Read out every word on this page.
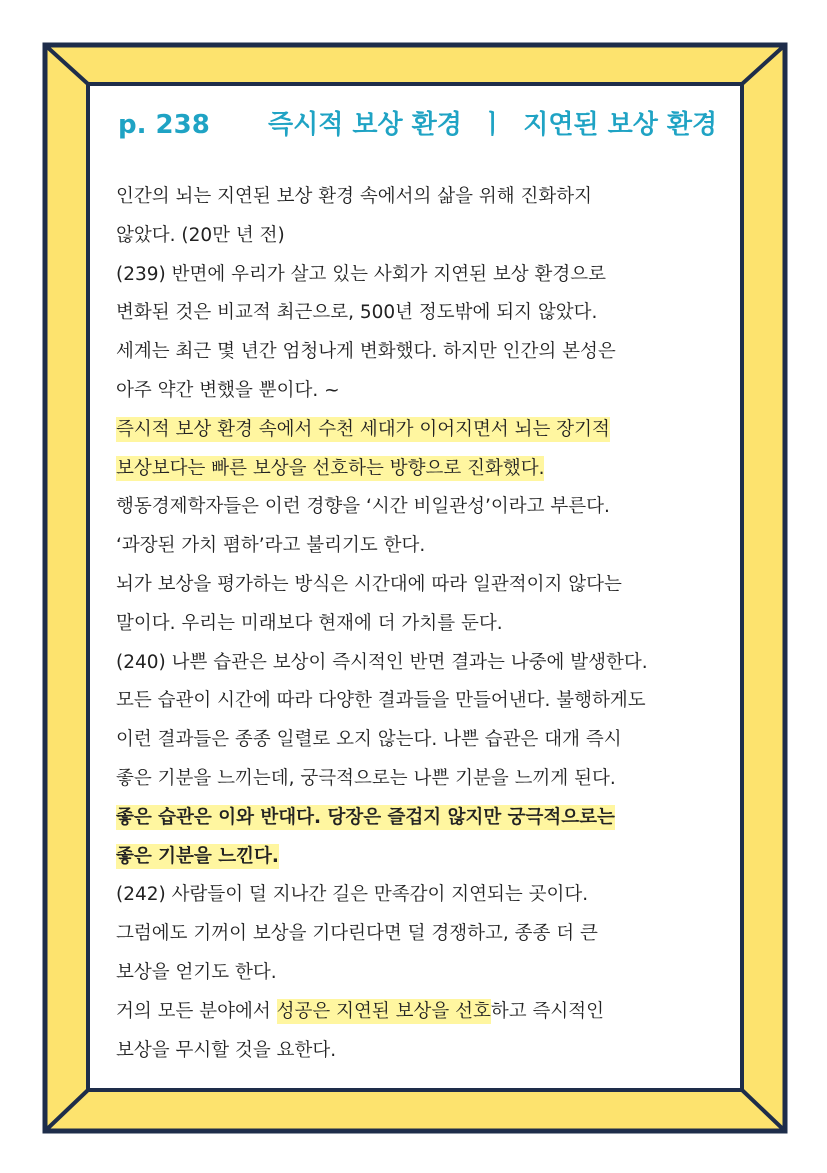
p. 238 즉시적 보상 환경  ㅣ  지연된 보상 환경
인간의 뇌는 지연된 보상 환경 속에서의 삶을 위해 진화하지
않았다. (20만 년 전)
(239) 반면에 우리가 살고 있는 사회가 지연된 보상 환경으로
변화된 것은 비교적 최근으로, 500년 정도밖에 되지 않았다.
세계는 최근 몇 년간 엄청나게 변화했다. 하지만 인간의 본성은
아주 약간 변했을 뿐이다. ~
즉시적 보상 환경 속에서 수천 세대가 이어지면서 뇌는 장기적
보상보다는 빠른 보상을 선호하는 방향으로 진화했다.
행동경제학자들은 이런 경향을 ‘시간 비일관성’이라고 부른다.
‘과장된 가치 폄하’라고 불리기도 한다.
뇌가 보상을 평가하는 방식은 시간대에 따라 일관적이지 않다는
말이다. 우리는 미래보다 현재에 더 가치를 둔다.
(240) 나쁜 습관은 보상이 즉시적인 반면 결과는 나중에 발생한다.
모든 습관이 시간에 따라 다양한 결과들을 만들어낸다. 불행하게도
이런 결과들은 종종 일렬로 오지 않는다. 나쁜 습관은 대개 즉시
좋은 기분을 느끼는데, 궁극적으로는 나쁜 기분을 느끼게 된다.
좋은 습관은 이와 반대다. 당장은 즐겁지 않지만 궁극적으로는
좋은 기분을 느낀다.
(242) 사람들이 덜 지나간 길은 만족감이 지연되는 곳이다.
그럼에도 기꺼이 보상을 기다린다면 덜 경쟁하고, 종종 더 큰
보상을 얻기도 한다.
거의 모든 분야에서 성공은 지연된 보상을 선호하고 즉시적인
보상을 무시할 것을 요한다.
